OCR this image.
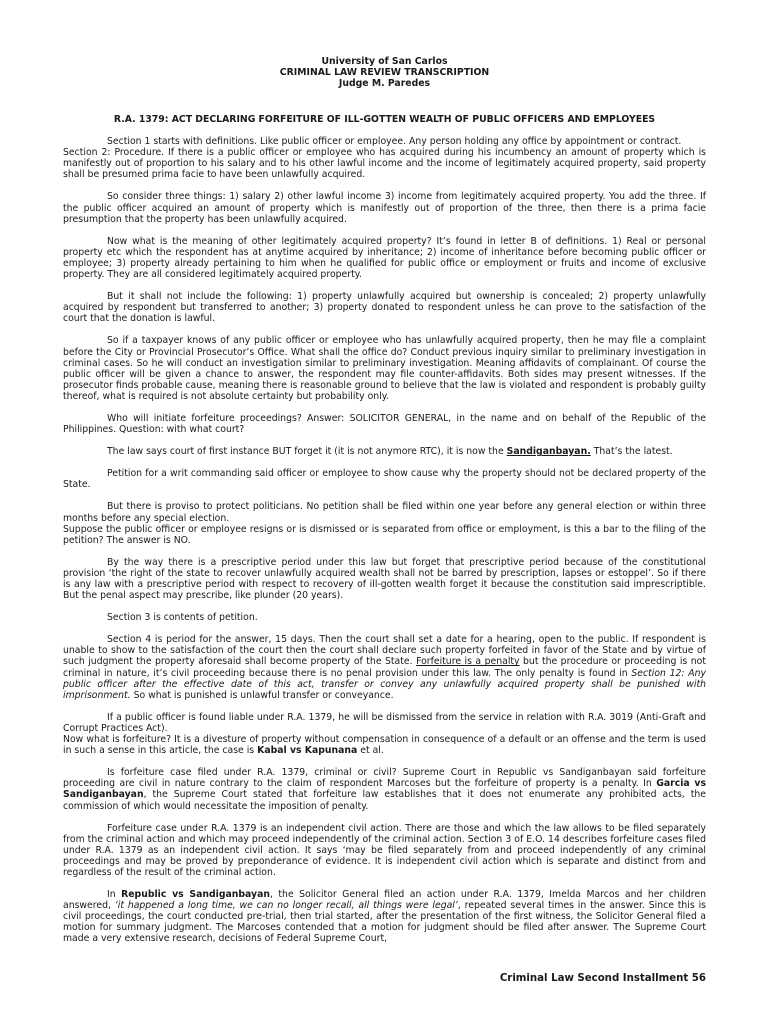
University of San Carlos
CRIMINAL LAW REVIEW TRANSCRIPTION
Judge M. Paredes
R.A. 1379: ACT DECLARING FORFEITURE OF ILL-GOTTEN WEALTH OF PUBLIC OFFICERS AND EMPLOYEES

Section 1 starts with definitions. Like public officer or employee. Any person holding any office by appointment or contract.

Section 2: Procedure. If there is a public officer or employee who has acquired during his incumbency an amount of property which is manifestly out of proportion to his salary and to his other lawful income and the income of legitimately acquired property, said property shall be presumed prima facie to have been unlawfully acquired.

So consider three things: 1) salary 2) other lawful income 3) income from legitimately acquired property. You add the three. If the public officer acquired an amount of property which is manifestly out of proportion of the three, then there is a prima facie presumption that the property has been unlawfully acquired.

Now what is the meaning of other legitimately acquired property? It’s found in letter B of definitions. 1) Real or personal property etc which the respondent has at anytime acquired by inheritance; 2) income of inheritance before becoming public officer or employee; 3) property already pertaining to him when he qualified for public office or employment or fruits and income of exclusive property. They are all considered legitimately acquired property.

But it shall not include the following: 1) property unlawfully acquired but ownership is concealed; 2) property unlawfully acquired by respondent but transferred to another; 3) property donated to respondent unless he can prove to the satisfaction of the court that the donation is lawful.

So if a taxpayer knows of any public officer or employee who has unlawfully acquired property, then he may file a complaint before the City or Provincial Prosecutor’s Office. What shall the office do? Conduct previous inquiry similar to preliminary investigation in criminal cases. So he will conduct an investigation similar to preliminary investigation. Meaning affidavits of complainant. Of course the public officer will be given a chance to answer, the respondent may file counter-affidavits. Both sides may present witnesses. If the prosecutor finds probable cause, meaning there is reasonable ground to believe that the law is violated and respondent is probably guilty thereof, what is required is not absolute certainty but probability only.

Who will initiate forfeiture proceedings? Answer: SOLICITOR GENERAL, in the name and on behalf of the Republic of the Philippines. Question: with what court?

The law says court of first instance BUT forget it (it is not anymore RTC), it is now the Sandiganbayan. That’s the latest.

Petition for a writ commanding said officer or employee to show cause why the property should not be declared property of the State.

But there is proviso to protect politicians. No petition shall be filed within one year before any general election or within three months before any special election.

Suppose the public officer or employee resigns or is dismissed or is separated from office or employment, is this a bar to the filing of the petition? The answer is NO.

By the way there is a prescriptive period under this law but forget that prescriptive period because of the constitutional provision ‘the right of the state to recover unlawfully acquired wealth shall not be barred by prescription, lapses or estoppel’. So if there is any law with a prescriptive period with respect to recovery of ill-gotten wealth forget it because the constitution said imprescriptible. But the penal aspect may prescribe, like plunder (20 years).

Section 3 is contents of petition.

Section 4 is period for the answer, 15 days. Then the court shall set a date for a hearing, open to the public. If respondent is unable to show to the satisfaction of the court then the court shall declare such property forfeited in favor of the State and by virtue of such judgment the property aforesaid shall become property of the State. Forfeiture is a penalty but the procedure or proceeding is not criminal in nature, it’s civil proceeding because there is no penal provision under this law. The only penalty is found in Section 12: Any public officer after the effective date of this act, transfer or convey any unlawfully acquired property shall be punished with imprisonment. So what is punished is unlawful transfer or conveyance.

If a public officer is found liable under R.A. 1379, he will be dismissed from the service in relation with R.A. 3019 (Anti-Graft and Corrupt Practices Act).

Now what is forfeiture? It is a divesture of property without compensation in consequence of a default or an offense and the term is used in such a sense in this article, the case is Kabal vs Kapunana et al.

Is forfeiture case filed under R.A. 1379, criminal or civil? Supreme Court in Republic vs Sandiganbayan said forfeiture proceeding are civil in nature contrary to the claim of respondent Marcoses but the forfeiture of property is a penalty. In Garcia vs Sandiganbayan, the Supreme Court stated that forfeiture law establishes that it does not enumerate any prohibited acts, the commission of which would necessitate the imposition of penalty.

Forfeiture case under R.A. 1379 is an independent civil action. There are those and which the law allows to be filed separately from the criminal action and which may proceed independently of the criminal action. Section 3 of E.O. 14 describes forfeiture cases filed under R.A. 1379 as an independent civil action. It says ‘may be filed separately from and proceed independently of any criminal proceedings and may be proved by preponderance of evidence. It is independent civil action which is separate and distinct from and regardless of the result of the criminal action.

In Republic vs Sandiganbayan, the Solicitor General filed an action under R.A. 1379, Imelda Marcos and her children answered, ‘it happened a long time, we can no longer recall, all things were legal’, repeated several times in the answer. Since this is civil proceedings, the court conducted pre-trial, then trial started, after the presentation of the first witness, the Solicitor General filed a motion for summary judgment. The Marcoses contended that a motion for judgment should be filed after answer. The Supreme Court made a very extensive research, decisions of Federal Supreme Court,

Criminal Law Second Installment 56
